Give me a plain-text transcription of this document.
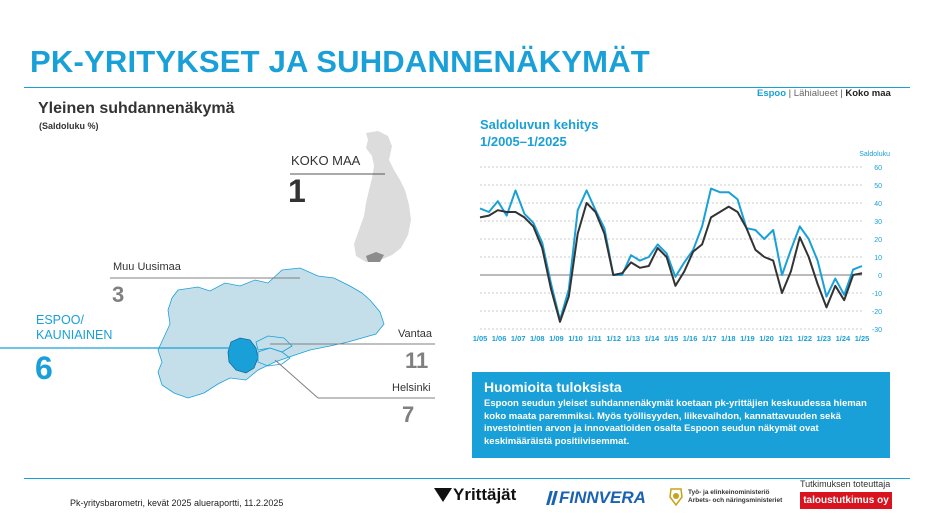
PK-YRITYKSET JA SUHDANNENÄKYMÄT
Espoo | Lähialueet | Koko maa
Yleinen suhdannenäkymä
(Saldoluku %)
KOKO MAA
1
Muu Uusimaa
3
ESPOO/
KAUNIAINEN
6
Vantaa
11
Helsinki
7
Saldoluvun kehitys
1/2005–1/2025
60
50
40
30
20
10
0
-10
-20
-30
Saldoluku
1/05 1/06 1/07 1/08 1/09 1/10 1/11 1/12 1/13 1/14 1/15 1/16 1/17 1/18 1/19 1/20 1/21 1/22 1/23 1/24 1/25
Huomioita tuloksista
Espoon seudun yleiset suhdannenäkymät koetaan pk-yrittäjien keskuudessa hieman koko maata paremmiksi. Myös työllisyyden, liikevaihdon, kannattavuuden sekä investointien arvon ja innovaatioiden osalta Espoon seudun näkymät ovat keskimääräistä positiivisemmat.
Pk-yritysbarometri, kevät 2025 alueraportti, 11.2.2025	Yrittäjät	FINNVERA	Työ- ja elinkeinoministeriö
Arbets- och näringsministeriet
Tutkimuksen toteuttaja
taloustutkimus oy
